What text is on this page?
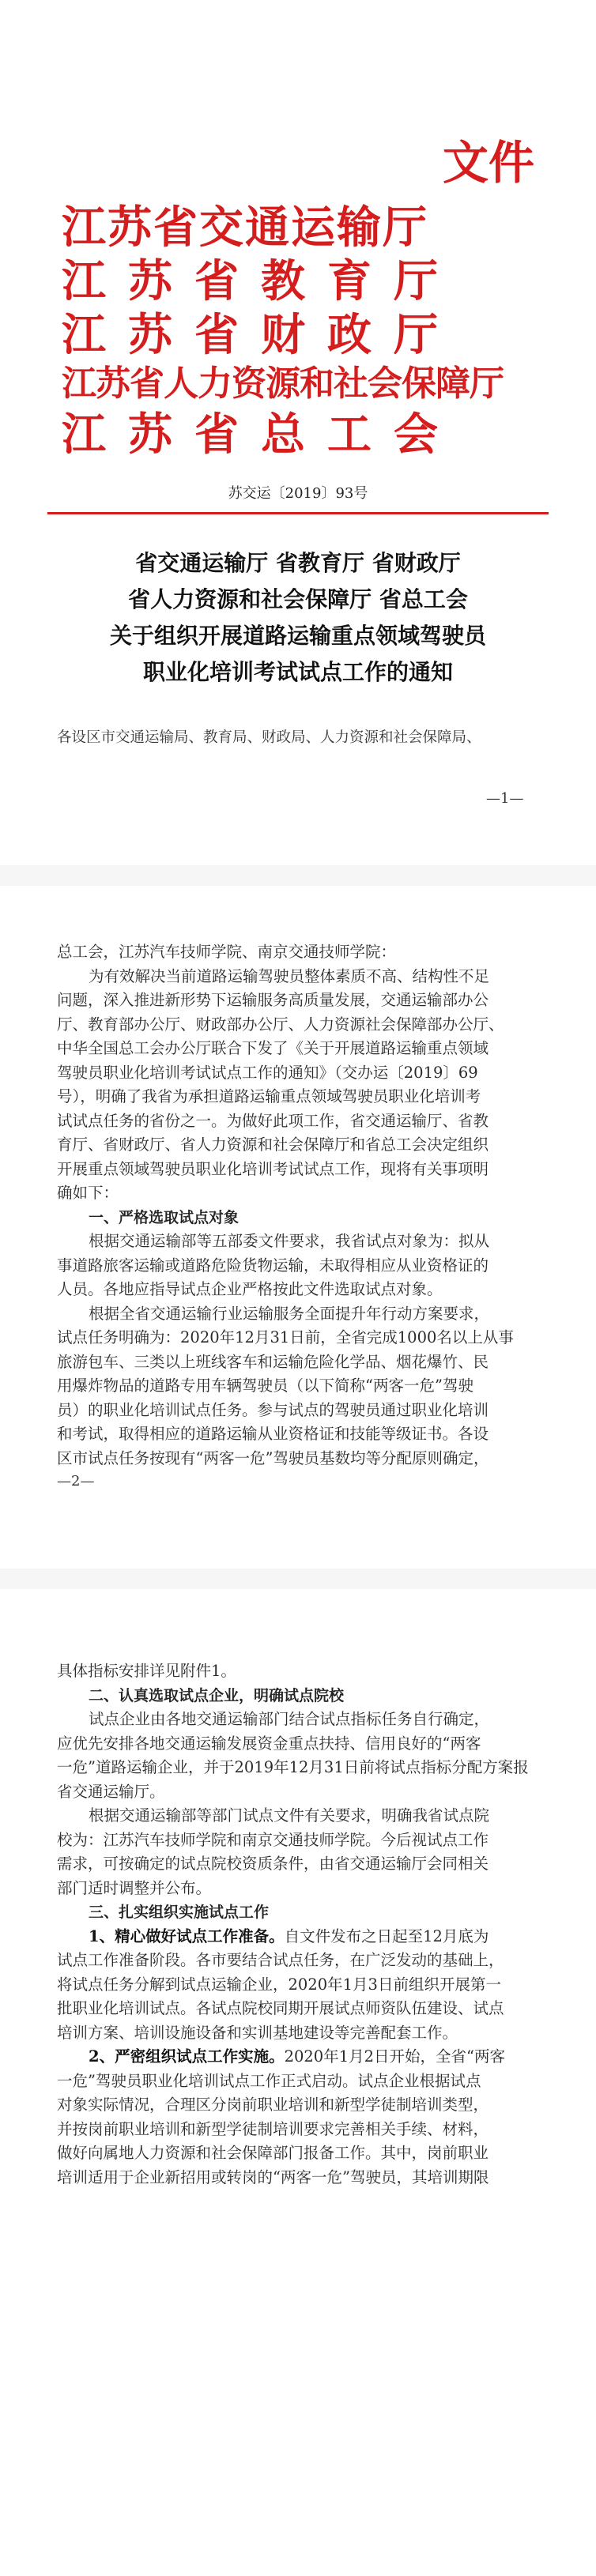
江苏省交通运输厅
江苏省教育厅
江苏省财政厅
江苏省人力资源和社会保障厅
江苏省总工会
文件
苏交运〔2019〕93号
省交通运输厅 省教育厅 省财政厅
省人力资源和社会保障厅 省总工会
关于组织开展道路运输重点领域驾驶员
职业化培训考试试点工作的通知
各设区市交通运输局、教育局、财政局、人力资源和社会保障局、
—1—
总工会，江苏汽车技师学院、南京交通技师学院：
为有效解决当前道路运输驾驶员整体素质不高、结构性不足
问题，深入推进新形势下运输服务高质量发展，交通运输部办公
厅、教育部办公厅、财政部办公厅、人力资源社会保障部办公厅、
中华全国总工会办公厅联合下发了《关于开展道路运输重点领域
驾驶员职业化培训考试试点工作的通知》（交办运〔2019〕69
号），明确了我省为承担道路运输重点领域驾驶员职业化培训考
试试点任务的省份之一。为做好此项工作，省交通运输厅、省教
育厅、省财政厅、省人力资源和社会保障厅和省总工会决定组织
开展重点领域驾驶员职业化培训考试试点工作，现将有关事项明
确如下：
一、严格选取试点对象
根据交通运输部等五部委文件要求，我省试点对象为：拟从
事道路旅客运输或道路危险货物运输，未取得相应从业资格证的
人员。各地应指导试点企业严格按此文件选取试点对象。
根据全省交通运输行业运输服务全面提升年行动方案要求，
试点任务明确为：2020年12月31日前，全省完成1000名以上从事
旅游包车、三类以上班线客车和运输危险化学品、烟花爆竹、民
用爆炸物品的道路专用车辆驾驶员（以下简称“两客一危”驾驶
员）的职业化培训试点任务。参与试点的驾驶员通过职业化培训
和考试，取得相应的道路运输从业资格证和技能等级证书。各设
区市试点任务按现有“两客一危”驾驶员基数均等分配原则确定，
—2—
具体指标安排详见附件1。
二、认真选取试点企业，明确试点院校
试点企业由各地交通运输部门结合试点指标任务自行确定，
应优先安排各地交通运输发展资金重点扶持、信用良好的“两客
一危”道路运输企业，并于2019年12月31日前将试点指标分配方案报
省交通运输厅。
根据交通运输部等部门试点文件有关要求，明确我省试点院
校为：江苏汽车技师学院和南京交通技师学院。今后视试点工作
需求，可按确定的试点院校资质条件，由省交通运输厅会同相关
部门适时调整并公布。
三、扎实组织实施试点工作
1、精心做好试点工作准备。自文件发布之日起至12月底为
试点工作准备阶段。各市要结合试点任务，在广泛发动的基础上，
将试点任务分解到试点运输企业，2020年1月3日前组织开展第一
批职业化培训试点。各试点院校同期开展试点师资队伍建设、试点
培训方案、培训设施设备和实训基地建设等完善配套工作。
2、严密组织试点工作实施。2020年1月2日开始，全省“两客
一危”驾驶员职业化培训试点工作正式启动。试点企业根据试点
对象实际情况，合理区分岗前职业培训和新型学徒制培训类型，
并按岗前职业培训和新型学徒制培训要求完善相关手续、材料，
做好向属地人力资源和社会保障部门报备工作。其中，岗前职业
培训适用于企业新招用或转岗的“两客一危”驾驶员，其培训期限
